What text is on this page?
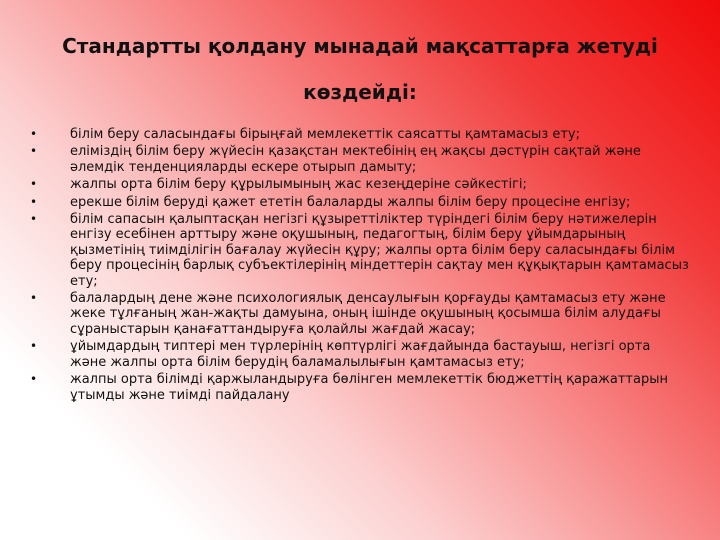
Стандартты қолдану мынадай мақсаттарға жетуді
көздейді:
•	білім беру саласындағы бірыңғай мемлекеттік саясатты қамтамасыз ету;
•	еліміздің білім беру жүйесін қазақстан мектебінің ең жақсы дәстүрін сақтай және әлемдік тенденцияларды ескере отырып дамыту;
•	жалпы орта білім беру құрылымының жас кезеңдеріне сәйкестігі;
•	ерекше білім беруді қажет ететін балаларды жалпы білім беру процесіне енгізу;
•	білім сапасын қалыптасқан негізгі құзыреттіліктер түріндегі білім беру нәтижелерін енгізу есебінен арттыру және оқушының, педагогтың, білім беру ұйымдарының қызметінің тиімділігін бағалау жүйесін құру; жалпы орта білім беру саласындағы білім беру процесінің барлық субъектілерінің міндеттерін сақтау мен құқықтарын қамтамасыз ету;
•	балалардың дене және психологиялық денсаулығын қорғауды қамтамасыз ету және жеке тұлғаның жан-жақты дамуына, оның ішінде оқушының қосымша білім алудағы сұраныстарын қанағаттандыруға қолайлы жағдай жасау;
•	ұйымдардың типтері мен түрлерінің көптүрлігі жағдайында бастауыш, негізгі орта және жалпы орта білім берудің баламалылығын қамтамасыз ету;
•	жалпы орта білімді қаржыландыруға бөлінген мемлекеттік бюджеттің қаражаттарын ұтымды және тиімді пайдалану
